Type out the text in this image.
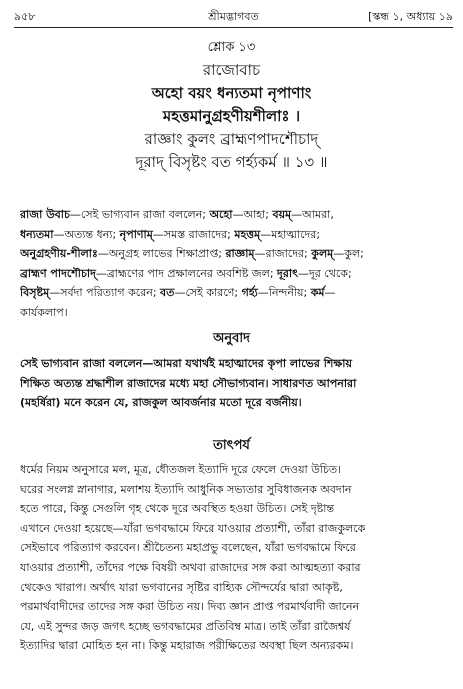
৯৫৮	শ্রীমদ্ভাগবত	[স্কন্ধ ১, অধ্যায় ১৯
শ্লোক ১৩
রাজোবাচ
অহো বয়ং ধন্যতমা নৃপাণাং
মহত্তমানুগ্রহণীয়শীলাঃ ।
রাজ্ঞাং কুলং ব্রাহ্মণপাদশৌচাদ্
দূরাদ্ বিসৃষ্টং বত গর্হ্যকর্ম ॥ ১৩ ॥
রাজা উবাচ—সেই ভাগ্যবান রাজা বললেন; অহো—আহা; বয়ম্—আমরা,
ধন্যতমা—অত্যন্ত ধন্য; নৃপাণাম্—সমস্ত রাজাদের; মহত্তম্—মহাত্মাদের;
অনুগ্রহণীয়-শীলাঃ—অনুগ্রহ লাভের শিক্ষাপ্রাপ্ত; রাজ্ঞাম্—রাজাদের; কুলম্—কুল;
ব্রাহ্মণ পাদশৌচাদ্—ব্রাহ্মণের পাদ প্রক্ষালনের অবশিষ্ট জল; দূরাৎ—দূর থেকে;
বিসৃষ্টম্—সর্বদা পরিত্যাগ করেন; বত—সেই কারণে; গর্হ্য—নিন্দনীয়; কর্ম—
কার্যকলাপ।
অনুবাদ
সেই ভাগ্যবান রাজা বললেন—আমরা যথার্থই মহাত্মাদের কৃপা লাভের শিক্ষায়
শিক্ষিত অত্যন্ত শ্রদ্ধাশীল রাজাদের মধ্যে মহা সৌভাগ্যবান। সাধারণত আপনারা
(মহর্ষিরা) মনে করেন যে, রাজকুল আবর্জনার মতো দূরে বর্জনীয়।
তাৎপর্য
ধর্মের নিয়ম অনুসারে মল, মূত্র, ধৌতজল ইত্যাদি দূরে ফেলে দেওয়া উচিত।
ঘরের সংলগ্ন স্নানাগার, মলাশয় ইত্যাদি আধুনিক সভ্যতার সুবিধাজনক অবদান
হতে পারে, কিন্তু সেগুলি গৃহ থেকে দূরে অবস্থিত হওয়া উচিত। সেই দৃষ্টান্ত
এখানে দেওয়া হয়েছে—যাঁরা ভগবদ্ধামে ফিরে যাওয়ার প্রত্যাশী, তাঁরা রাজকুলকে
সেইভাবে পরিত্যাগ করবেন। শ্রীচৈতন্য মহাপ্রভু বলেছেন, যাঁরা ভগবদ্ধামে ফিরে
যাওয়ার প্রত্যাশী, তাঁদের পক্ষে বিষয়ী অথবা রাজাদের সঙ্গ করা আত্মহত্যা করার
থেকেও খারাপ। অর্থাৎ যারা ভগবানের সৃষ্টির বাহ্যিক সৌন্দর্যের দ্বারা আকৃষ্ট,
পরমার্থবাদীদের তাদের সঙ্গ করা উচিত নয়। দিব্য জ্ঞান প্রাপ্ত পরমার্থবাদী জানেন
যে, এই সুন্দর জড় জগৎ হচ্ছে ভগবদ্ধামের প্রতিবিম্ব মাত্র। তাই তাঁরা রাজৈশ্বর্য
ইত্যাদির দ্বারা মোহিত হন না। কিন্তু মহারাজ পরীক্ষিতের অবস্থা ছিল অন্যরকম।
